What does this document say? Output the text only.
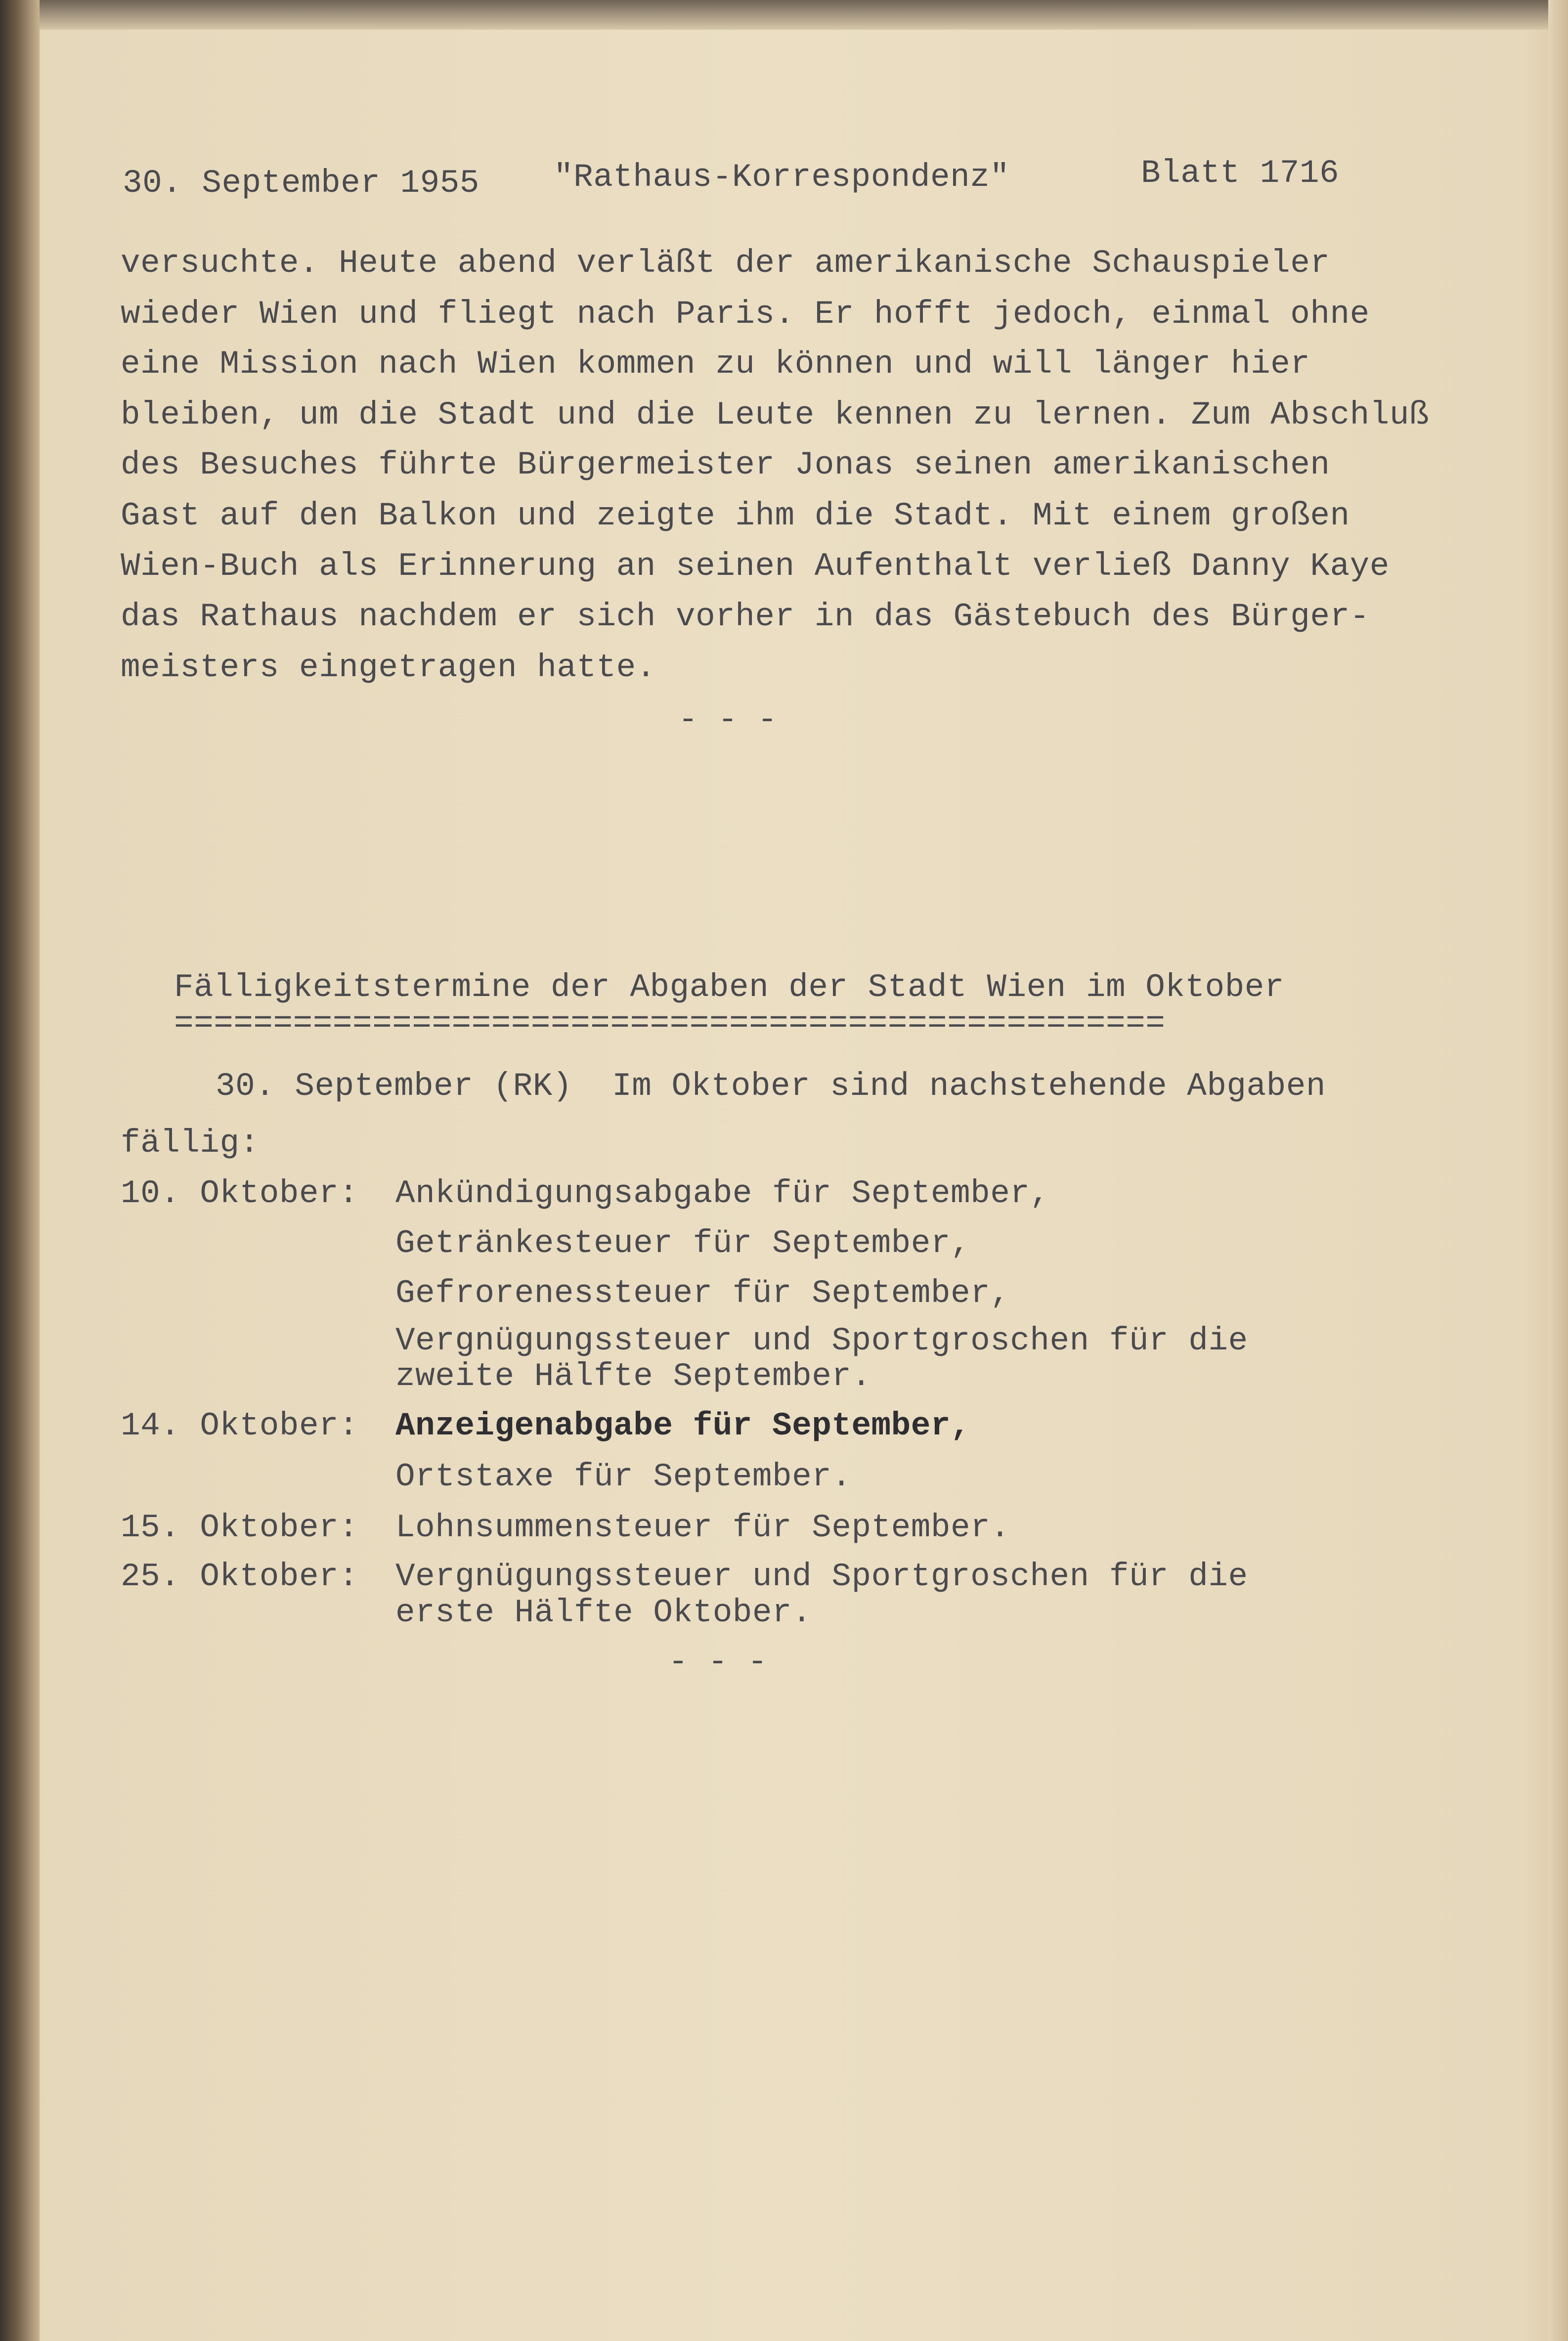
30. September 1955 "Rathaus-Korrespondenz"	Blatt 1716
versuchte. Heute abend verläßt der amerikanische Schauspieler
wieder Wien und fliegt nach Paris. Er hofft jedoch, einmal ohne
eine Mission nach Wien kommen zu können und will länger hier
bleiben, um die Stadt und die Leute kennen zu lernen. Zum Abschluß
des Besuches führte Bürgermeister Jonas seinen amerikanischen
Gast auf den Balkon und zeigte ihm die Stadt. Mit einem großen
Wien-Buch als Erinnerung an seinen Aufenthalt verließ Danny Kaye
das Rathaus nachdem er sich vorher in das Gästebuch des Bürger-
meisters eingetragen hatte.
- - -
Fälligkeitstermine der Abgaben der Stadt Wien im Oktober
==================================================
30. September (RK)  Im Oktober sind nachstehende Abgaben
fällig:
10. Oktober: Ankündigungsabgabe für September,
Getränkesteuer für September,
Gefrorenessteuer für September,
Vergnügungssteuer und Sportgroschen für die
zweite Hälfte September.
14. Oktober: Anzeigenabgabe für September,
Ortstaxe für September.
15. Oktober: Lohnsummensteuer für September.
25. Oktober: Vergnügungssteuer und Sportgroschen für die
erste Hälfte Oktober.
- - -
